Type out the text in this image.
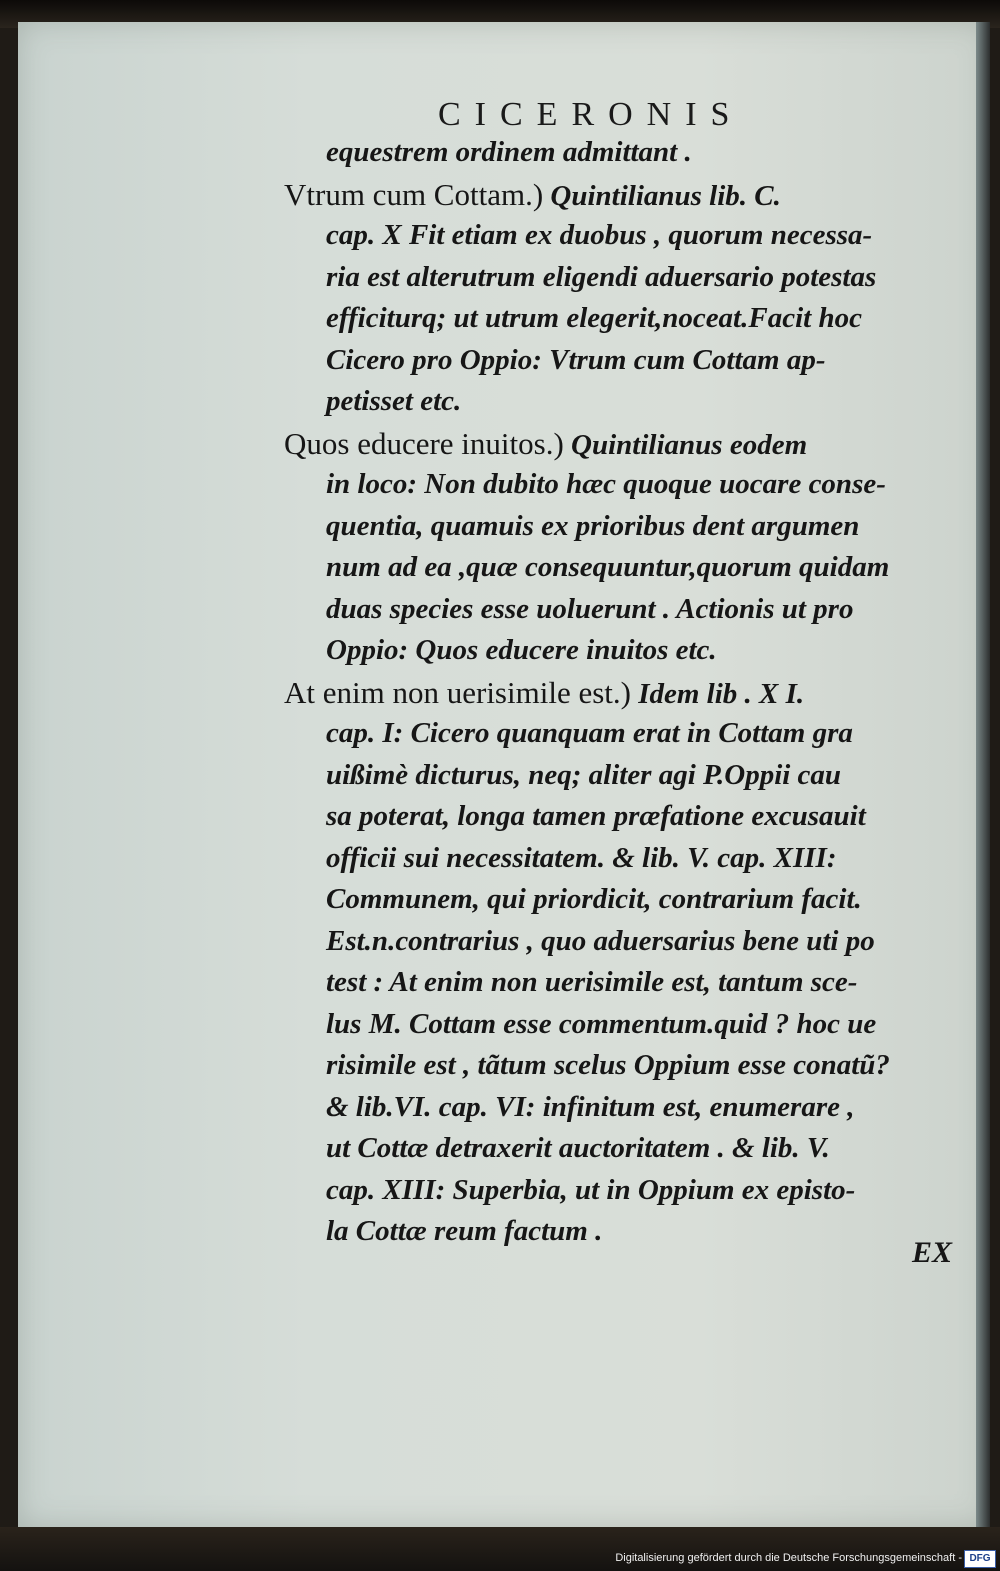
CICERONIS
equestrem ordinem admittant .
Vtrum cum Cottam.) Quintilianus lib. C.
cap. X Fit etiam ex duobus , quorum necessa-
ria est alterutrum eligendi aduersario potestas
efficiturq; ut utrum elegerit,noceat.Facit hoc
Cicero pro Oppio: Vtrum cum Cottam ap-
petisset etc.
Quos educere inuitos.) Quintilianus eodem
in loco: Non dubito hæc quoque uocare conse-
quentia, quamuis ex prioribus dent argumen
num ad ea ,quæ consequuntur,quorum quidam
duas species esse uoluerunt . Actionis ut pro
Oppio: Quos educere inuitos etc.
At enim non uerisimile est.) Idem lib . X I.
cap. I: Cicero quanquam erat in Cottam gra
uißimè dicturus, neq; aliter agi P.Oppii cau
sa poterat, longa tamen præfatione excusauit
officii sui necessitatem. & lib. V. cap. XIII:
Communem, qui priordicit, contrarium facit.
Est.n.contrarius , quo aduersarius bene uti po
test : At enim non uerisimile est, tantum sce-
lus M. Cottam esse commentum.quid ? hoc ue
risimile est , tãtum scelus Oppium esse conatũ?
& lib.VI. cap. VI: infinitum est, enumerare ,
ut Cottæ detraxerit auctoritatem . & lib. V.
cap. XIII: Superbia, ut in Oppium ex episto-
la Cottæ reum factum .
EX
Digitalisierung gefördert durch die Deutsche Forschungsgemeinschaft - DFG
